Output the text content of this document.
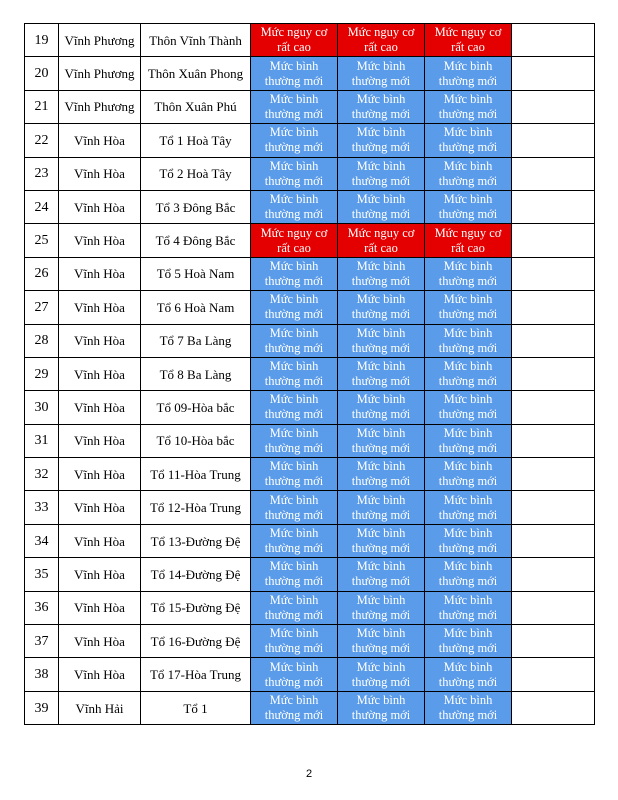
19	Vĩnh Phương	Thôn Vĩnh Thành	Mức nguy cơ rất cao	Mức nguy cơ rất cao	Mức nguy cơ rất cao	

20	Vĩnh Phương	Thôn Xuân Phong	Mức bình thường mới	Mức bình thường mới	Mức bình thường mới	

21	Vĩnh Phương	Thôn Xuân Phú	Mức bình thường mới	Mức bình thường mới	Mức bình thường mới	

22	Vĩnh Hòa	Tổ 1 Hoà Tây	Mức bình thường mới	Mức bình thường mới	Mức bình thường mới	

23	Vĩnh Hòa	Tổ 2 Hoà Tây	Mức bình thường mới	Mức bình thường mới	Mức bình thường mới	

24	Vĩnh Hòa	Tổ 3 Đông Bắc	Mức bình thường mới	Mức bình thường mới	Mức bình thường mới	

25	Vĩnh Hòa	Tổ 4 Đông Bắc	Mức nguy cơ rất cao	Mức nguy cơ rất cao	Mức nguy cơ rất cao	

26	Vĩnh Hòa	Tổ 5 Hoà Nam	Mức bình thường mới	Mức bình thường mới	Mức bình thường mới	

27	Vĩnh Hòa	Tổ 6 Hoà Nam	Mức bình thường mới	Mức bình thường mới	Mức bình thường mới	

28	Vĩnh Hòa	Tổ 7 Ba Làng	Mức bình thường mới	Mức bình thường mới	Mức bình thường mới	

29	Vĩnh Hòa	Tổ 8 Ba Làng	Mức bình thường mới	Mức bình thường mới	Mức bình thường mới	

30	Vĩnh Hòa	Tổ 09-Hòa bắc	Mức bình thường mới	Mức bình thường mới	Mức bình thường mới	

31	Vĩnh Hòa	Tổ 10-Hòa bắc	Mức bình thường mới	Mức bình thường mới	Mức bình thường mới	

32	Vĩnh Hòa	Tổ 11-Hòa Trung	Mức bình thường mới	Mức bình thường mới	Mức bình thường mới	

33	Vĩnh Hòa	Tổ 12-Hòa Trung	Mức bình thường mới	Mức bình thường mới	Mức bình thường mới	

34	Vĩnh Hòa	Tổ 13-Đường Đệ	Mức bình thường mới	Mức bình thường mới	Mức bình thường mới	

35	Vĩnh Hòa	Tổ 14-Đường Đệ	Mức bình thường mới	Mức bình thường mới	Mức bình thường mới	

36	Vĩnh Hòa	Tổ 15-Đường Đệ	Mức bình thường mới	Mức bình thường mới	Mức bình thường mới	

37	Vĩnh Hòa	Tổ 16-Đường Đệ	Mức bình thường mới	Mức bình thường mới	Mức bình thường mới	

38	Vĩnh Hòa	Tổ 17-Hòa Trung	Mức bình thường mới	Mức bình thường mới	Mức bình thường mới	

39	Vĩnh Hải	Tổ 1	Mức bình thường mới	Mức bình thường mới	Mức bình thường mới	

2
